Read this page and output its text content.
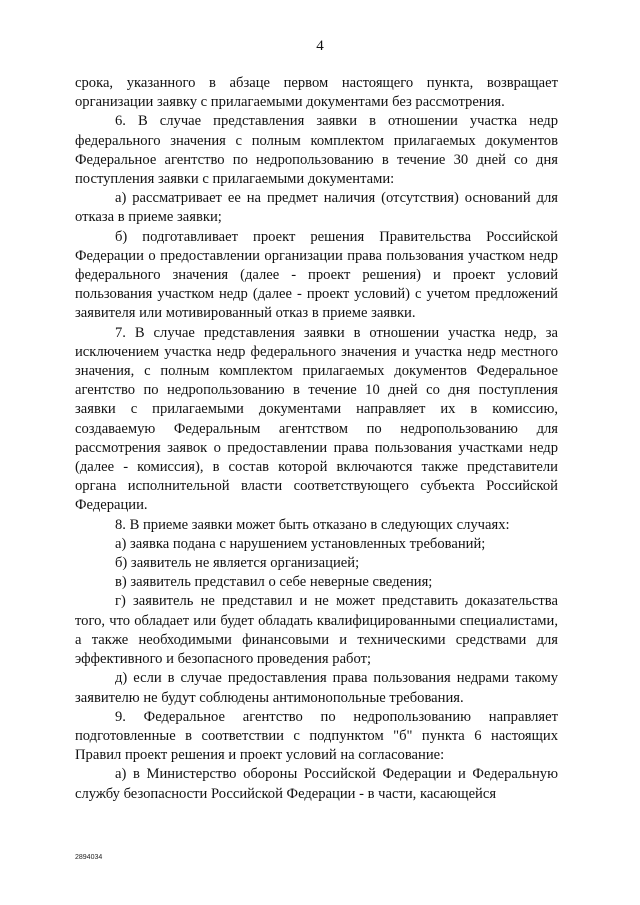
4

срока, указанного в абзаце первом настоящего пункта, возвращает организации заявку с прилагаемыми документами без рассмотрения.

6. В случае представления заявки в отношении участка недр федерального значения с полным комплектом прилагаемых документов Федеральное агентство по недропользованию в течение 30 дней со дня поступления заявки с прилагаемыми документами:

а) рассматривает ее на предмет наличия (отсутствия) оснований для отказа в приеме заявки;

б) подготавливает проект решения Правительства Российской Федерации о предоставлении организации права пользования участком недр федерального значения (далее - проект решения) и проект условий пользования участком недр (далее - проект условий) с учетом предложений заявителя или мотивированный отказ в приеме заявки.

7. В случае представления заявки в отношении участка недр, за исключением участка недр федерального значения и участка недр местного значения, с полным комплектом прилагаемых документов Федеральное агентство по недропользованию в течение 10 дней со дня поступления заявки с прилагаемыми документами направляет их в комиссию, создаваемую Федеральным агентством по недропользованию для рассмотрения заявок о предоставлении права пользования участками недр (далее - комиссия), в состав которой включаются также представители органа исполнительной власти соответствующего субъекта Российской Федерации.

8. В приеме заявки может быть отказано в следующих случаях:

а) заявка подана с нарушением установленных требований;

б) заявитель не является организацией;

в) заявитель представил о себе неверные сведения;

г) заявитель не представил и не может представить доказательства того, что обладает или будет обладать квалифицированными специалистами, а также необходимыми финансовыми и техническими средствами для эффективного и безопасного проведения работ;

д) если в случае предоставления права пользования недрами такому заявителю не будут соблюдены антимонопольные требования.

9. Федеральное агентство по недропользованию направляет подготовленные в соответствии с подпунктом "б" пункта 6 настоящих Правил проект решения и проект условий на согласование:

а) в Министерство обороны Российской Федерации и Федеральную службу безопасности Российской Федерации - в части, касающейся

2894034
